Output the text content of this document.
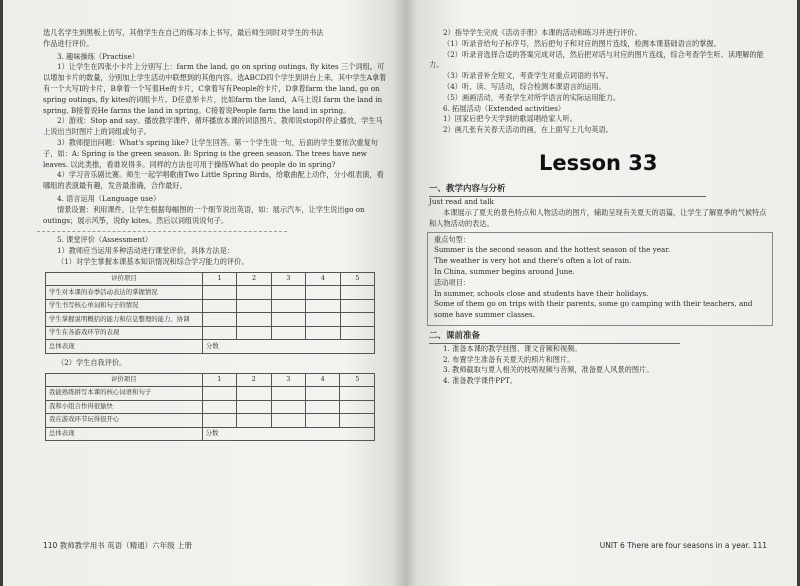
选几名学生到黑板上仿写，其他学生在自己的练习本上书写，最后师生同时对学生的书法

作品进行评价。

3. 趣味操练（Practise）

1）让学生在四张小卡片上分别写上：farm the land, go on spring outings, fly kites 三个词组。可以增加卡片的数量，分别加上学生活动中联想到的其他内容。选ABCD四个学生到讲台上来，其中学生A拿着有一个大写I的卡片，B拿着一个写着He的卡片，C拿着写有People的卡片，D拿着farm the land, go on spring outings, fly kites的词组卡片。D任意举卡片，比如farm the land，A马上说I farm the land in spring, B接着说He farms the land in spring。C接着说People farm the land in spring。

2）游戏：Stop and say。播放教学课件，循环播放本课的词语图片，教师说stop时停止播放，学生马上说出当时图片上的词组或句子。

3）教师提出问题：What's spring like? 让学生回答。第一个学生说一句，后面的学生要依次重复句子，如：A: Spring is the green season. B: Spring is the green season. The trees have new leaves. 以此类推，看谁说得多。同样的方法也可用于操练What do people do in spring?

4）学习音乐剧比赛。师生一起学唱歌曲Two Little Spring Birds，给歌曲配上动作，分小组表演，看哪组的表演最有趣，发音最准确，合作最好。

4. 语言运用（Language use）

情景设置：利用课件，让学生根据每幅图的一个细节说出英语，如：展示汽车，让学生说出go on outings；展示风筝，说fly kites。然后以词组说说句子。

5. 课堂评价（Assessment）

1）教师应当运用多种活动进行课堂评价，具体方法是：

（1）对学生掌握本课基本知识情况和综合学习能力的评价。

评价项目	1	2	3	4	5
学生对本课的春季活动表达的掌握情况					
学生书写核心单词和句子的情况					
学生掌握说明概括的能力和信息整理的能力、协调					
学生在各游戏环节的表现					
总体表现	分数				

（2）学生自我评价。

评价项目	1	2	3	4	5
我能熟练拼写本课的核心词语和句子					
我和小组合作得很愉快					
我在游戏环节玩得很开心					
总体表现	分数				
110 教师教学用书 英语（精通）六年级 上册

2）指导学生完成《活动手册》本课的活动和练习并进行评价。

（1）听录音给句子标序号，然后把句子和对应的图片连线，检测本课基础语言的掌握。

（2）听录音选择合适的答案完成对话，然后把对话与对应的图片连线，综合考查学生听、读理解的能力。

（3）听录音补全短文，考查学生对重点词语的书写。

（4）听、读、写活动，综合检测本课语言的运用。

（5）画画活动，考查学生对所学语言的实际运用能力。

6. 拓展活动（Extended activities）

1）回家后把今天学到的歌谣唱给家人听。

2）画几张有关春天活动的画，在上面写上几句英语。

Lesson 33
一、教学内容与分析

Just read and talk

本课展示了夏天的景色特点和人物活动的图片，辅助呈现有关夏天的语篇，让学生了解夏季的气候特点和人物活动的表达。

重点句型：

Summer is the second season and the hottest season of the year.

The weather is very hot and there's often a lot of rain.

In China, summer begins around June.

活动项目：

In summer, schools close and students have their holidays.

Some of them go on trips with their parents, some go camping with their teachers, and

some have summer classes.

二、课前准备

1. 准备本课的教学挂图、课文音频和视频。

2. 布置学生准备有关夏天的照片和图片。

3. 教师截取与夏人相关的枝唔视频与音频，准备夏人风景的图片。

4. 准备教学课件PPT。

UNIT 6 There are four seasons in a year. 111
